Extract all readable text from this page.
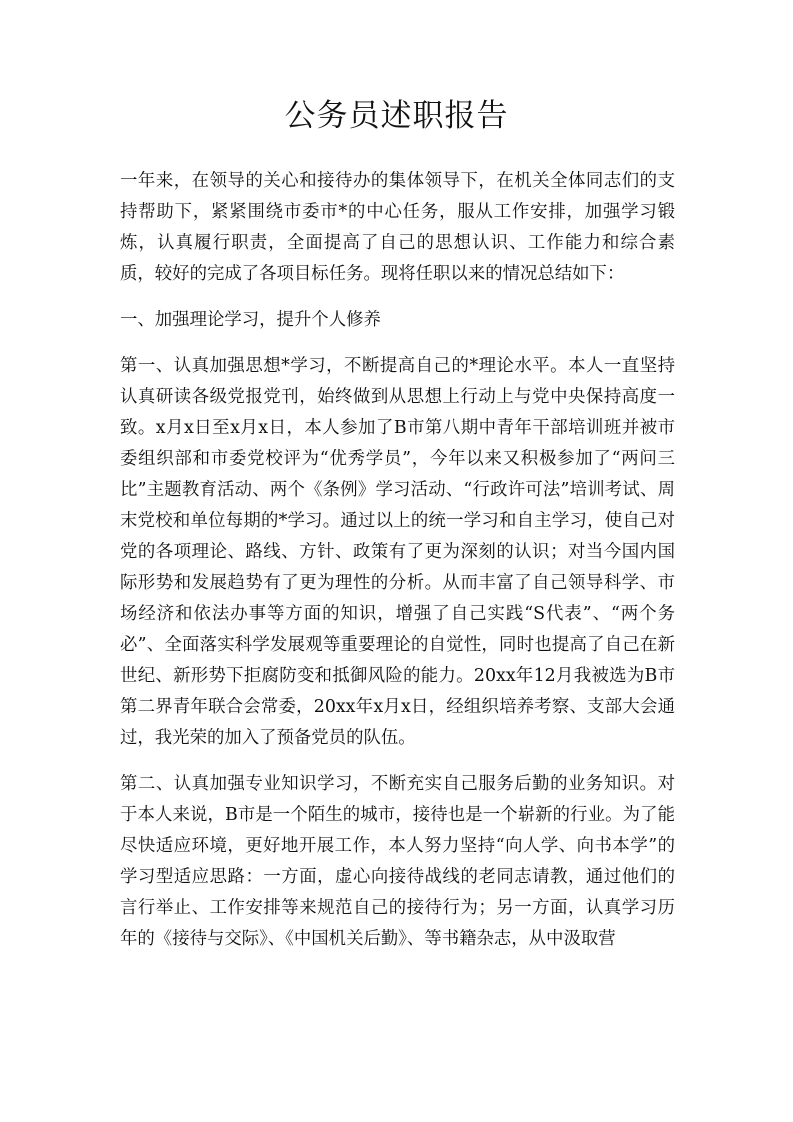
公务员述职报告

一年来，在领导的关心和接待办的集体领导下，在机关全体同志们的支持帮助下，紧紧围绕市委市*的中心任务，服从工作安排，加强学习锻炼，认真履行职责，全面提高了自己的思想认识、工作能力和综合素质，较好的完成了各项目标任务。现将任职以来的情况总结如下：

一、加强理论学习，提升个人修养

第一、认真加强思想*学习，不断提高自己的*理论水平。本人一直坚持认真研读各级党报党刊，始终做到从思想上行动上与党中央保持高度一致。x月x日至x月x日，本人参加了B市第八期中青年干部培训班并被市委组织部和市委党校评为“优秀学员”，今年以来又积极参加了“两问三比”主题教育活动、两个《条例》学习活动、“行政许可法”培训考试、周末党校和单位每期的*学习。通过以上的统一学习和自主学习，使自己对党的各项理论、路线、方针、政策有了更为深刻的认识；对当今国内国际形势和发展趋势有了更为理性的分析。从而丰富了自己领导科学、市场经济和依法办事等方面的知识，增强了自己实践“S代表”、“两个务必”、全面落实科学发展观等重要理论的自觉性，同时也提高了自己在新世纪、新形势下拒腐防变和抵御风险的能力。20xx年12月我被选为B市第二界青年联合会常委，20xx年x月x日，经组织培养考察、支部大会通过，我光荣的加入了预备党员的队伍。

第二、认真加强专业知识学习，不断充实自己服务后勤的业务知识。对于本人来说，B市是一个陌生的城市，接待也是一个崭新的行业。为了能尽快适应环境，更好地开展工作，本人努力坚持“向人学、向书本学”的学习型适应思路：一方面，虚心向接待战线的老同志请教，通过他们的言行举止、工作安排等来规范自己的接待行为；另一方面，认真学习历年的《接待与交际》、《中国机关后勤》、等书籍杂志，从中汲取营
